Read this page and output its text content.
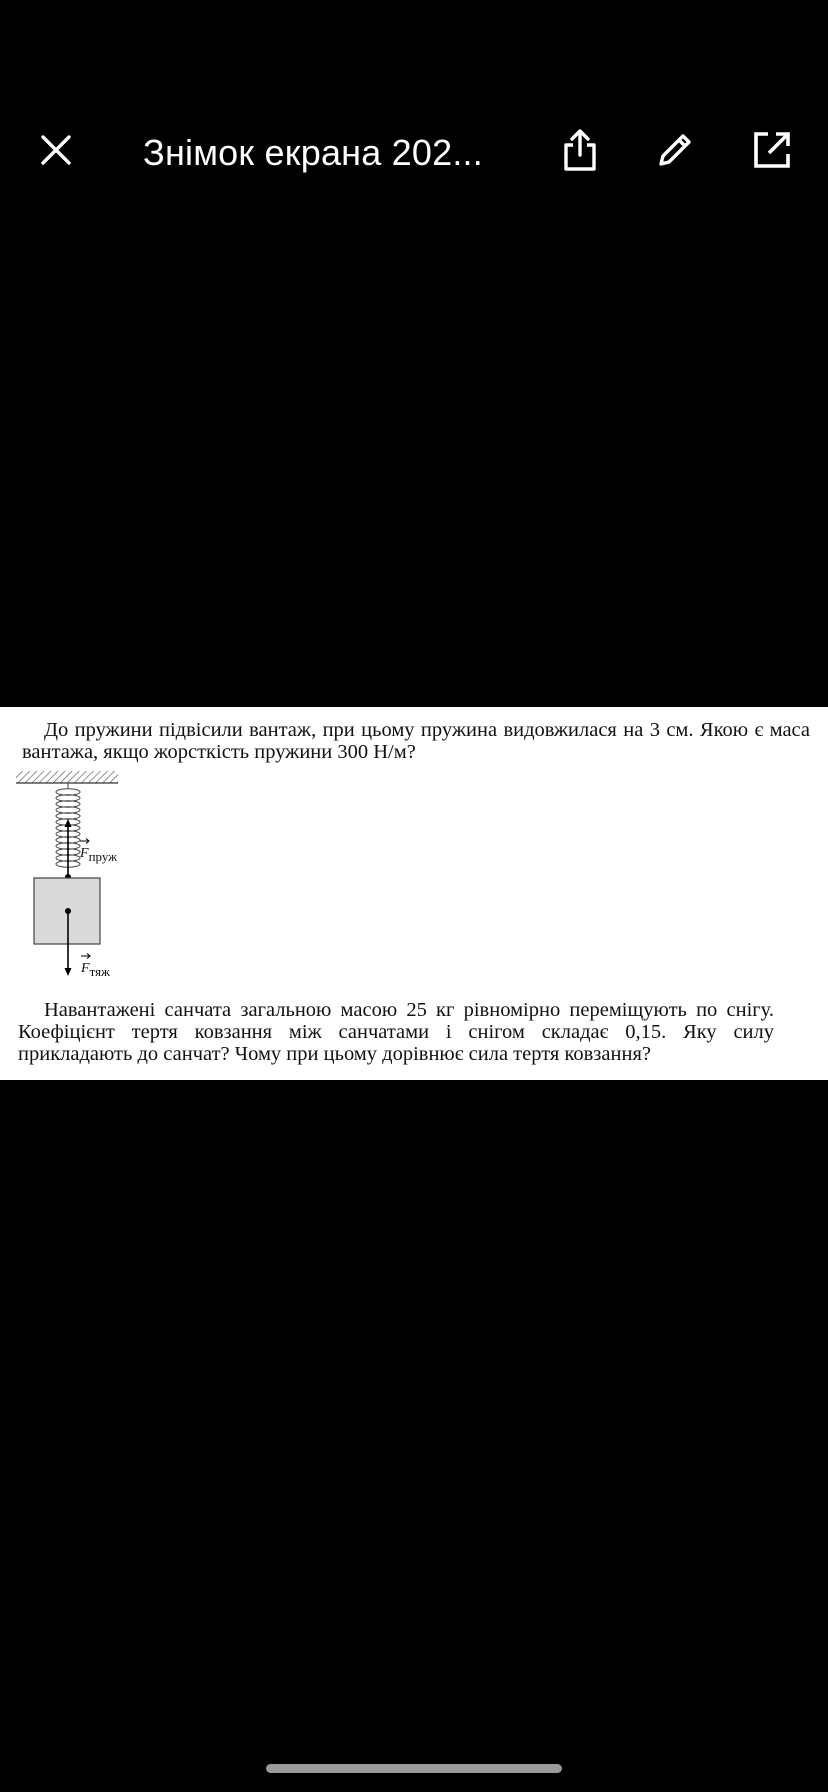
Знімок екрана 202...
До пружини підвісили вантаж, при цьому пружина видовжилася на 3 см. Якою є маса вантажа, якщо жорсткість пружини 300 Н/м?
Fпруж
Fтяж
Навантажені санчата загальною масою 25 кг рівномірно переміщують по снігу. Коефіцієнт тертя ковзання між санчатами і снігом складає 0,15. Яку силу прикладають до санчат? Чому при цьому дорівнює сила тертя ковзання?
